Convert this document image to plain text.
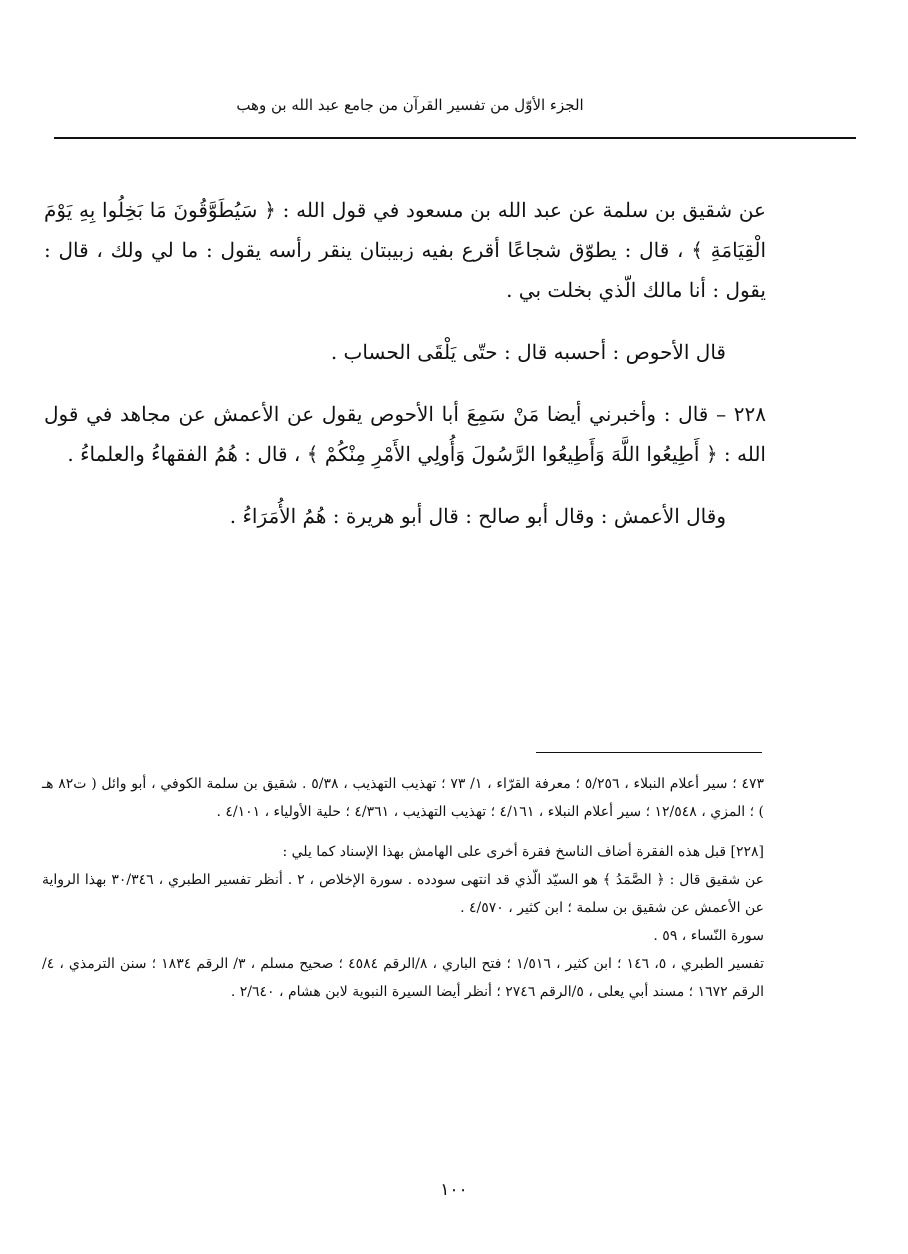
الجزء الأوّل من تفسير القرآن من جامع عبد الله بن وهب

عن شقيق بن سلمة عن عبد الله بن مسعود في قول الله : ﴿ سَيُطَوَّقُونَ مَا بَخِلُوا بِهِ يَوْمَ الْقِيَامَةِ ﴾ ، قال : يطوّق شجاعًا أقرع بفيه زبيبتان ينقر رأسه يقول : ما لي ولك ، قال : يقول : أنا مالك الّذي بخلت بي .

قال الأحوص : أحسبه قال : حتّى يَلْقَى الحساب .

٢٢٨ – قال : وأخبرني أيضا مَنْ سَمِعَ أبا الأحوص يقول عن الأعمش عن مجاهد في قول الله : ﴿ أَطِيعُوا اللَّهَ وَأَطِيعُوا الرَّسُولَ وَأُولِي الأَمْرِ مِنْكُمْ ﴾ ، قال : هُمُ الفقهاءُ والعلماءُ .

وقال الأعمش : وقال أبو صالح : قال أبو هريرة : هُمُ الأُمَرَاءُ .

٤٧٣ ؛ سير أعلام النبلاء ، ٥/٢٥٦ ؛ معرفة القرّاء ، ١/ ٧٣ ؛ تهذيب التهذيب ، ٥/٣٨ . شقيق بن سلمة الكوفي ، أبو وائل ( ت٨٢ هـ ) ؛ المزي ، ١٢/٥٤٨ ؛ سير أعلام النبلاء ، ٤/١٦١ ؛ تهذيب التهذيب ، ٤/٣٦١ ؛ حلية الأولياء ، ٤/١٠١ .

[٢٢٨] قبل هذه الفقرة أضاف الناسخ فقرة أخرى على الهامش بهذا الإسناد كما يلي :

عن شقيق قال : ﴿ الصَّمَدُ ﴾ هو السيّد الّذي قد انتهى سودده . سورة الإخلاص ، ٢ . أنظر تفسير الطبري ، ٣٠/٣٤٦ بهذا الرواية عن الأعمش عن شقيق بن سلمة ؛ ابن كثير ، ٤/٥٧٠ .

سورة النّساء ، ٥٩ .

تفسير الطبري ، ٥، ١٤٦ ؛ ابن كثير ، ١/٥١٦ ؛ فتح الباري ، ٨/الرقم ٤٥٨٤ ؛ صحيح مسلم ، ٣/ الرقم ١٨٣٤ ؛ سنن الترمذي ، ٤/الرقم ١٦٧٢ ؛ مسند أبي يعلى ، ٥/الرقم ٢٧٤٦ ؛ أنظر أيضا السيرة النبوية لابن هشام ، ٢/٦٤٠ .

١٠٠
